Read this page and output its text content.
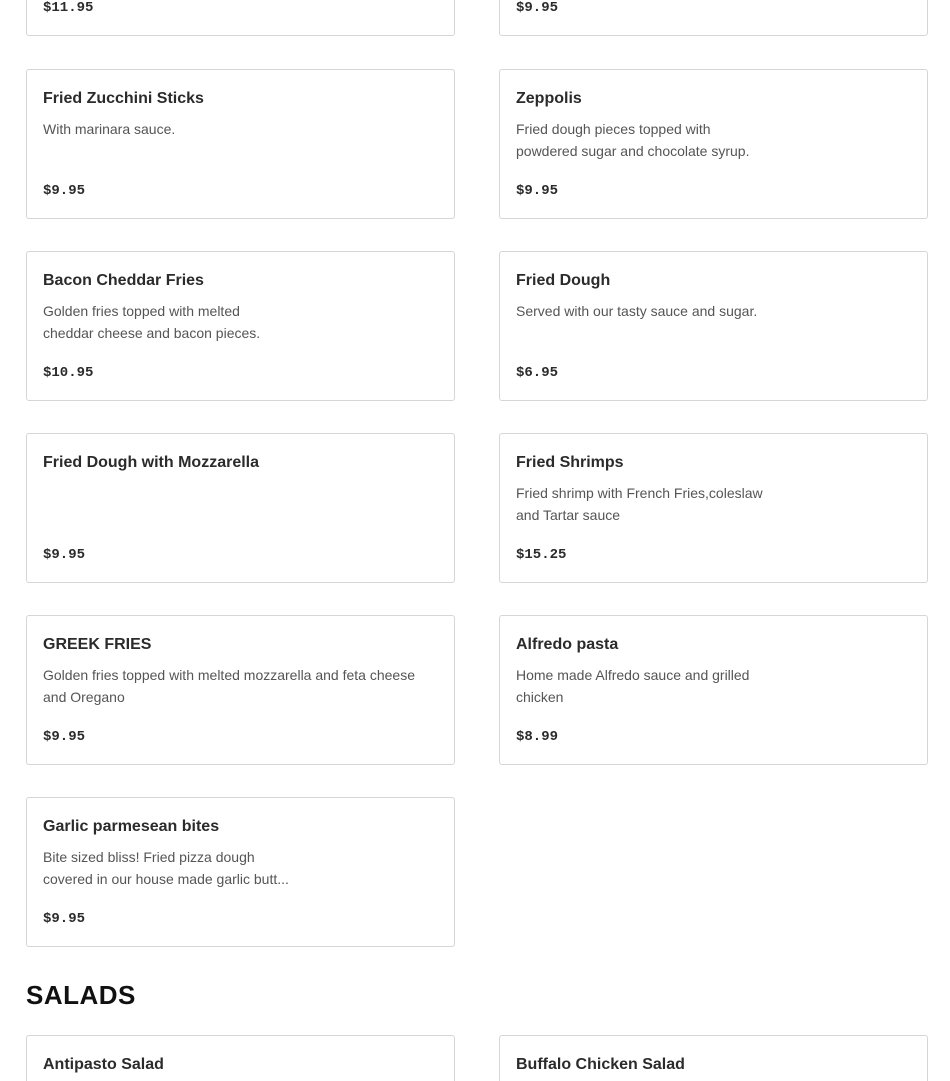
$11.95	$9.95
Fried Zucchini Sticks
With marinara sauce.
$9.95
Zeppolis
Fried dough pieces topped with powdered sugar and chocolate syrup.
$9.95
Bacon Cheddar Fries
Golden fries topped with melted cheddar cheese and bacon pieces.
$10.95
Fried Dough
Served with our tasty sauce and sugar.
$6.95
Fried Dough with Mozzarella
$9.95
Fried Shrimps
Fried shrimp with French Fries,coleslaw and Tartar sauce
$15.25
GREEK FRIES
Golden fries topped with melted mozzarella and feta cheese and Oregano
$9.95
Alfredo pasta
Home made Alfredo sauce and grilled chicken
$8.99
Garlic parmesean bites
Bite sized bliss! Fried pizza dough covered in our house made garlic butt...
$9.95
Antipasto Salad	Buffalo Chicken Salad
SALADS
